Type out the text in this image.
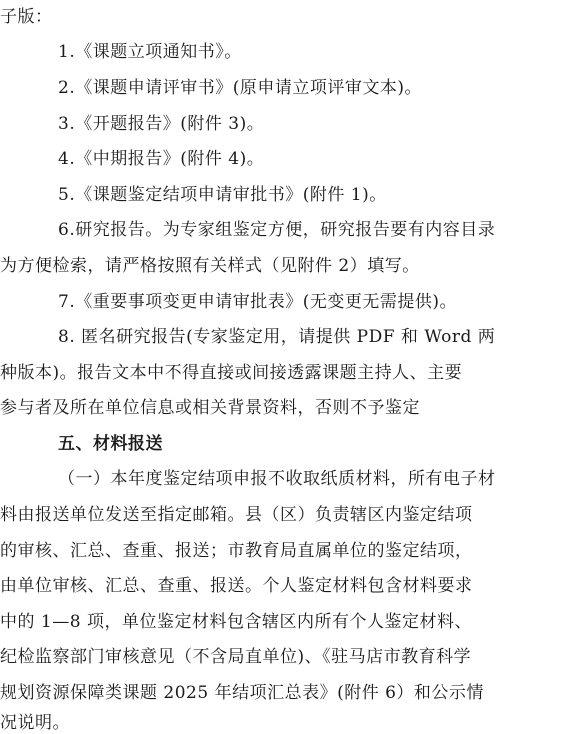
子版：
1.《课题立项通知书》。
2.《课题申请评审书》(原申请立项评审文本)。
3.《开题报告》(附件 3)。
4.《中期报告》(附件 4)。
5.《课题鉴定结项申请审批书》(附件 1)。
6.研究报告。为专家组鉴定方便，研究报告要有内容目录
为方便检索，请严格按照有关样式（见附件 2）填写。
7.《重要事项变更申请审批表》(无变更无需提供)。
8. 匿名研究报告(专家鉴定用，请提供 PDF 和 Word 两
种版本)。报告文本中不得直接或间接透露课题主持人、主要
参与者及所在单位信息或相关背景资料，否则不予鉴定
五、材料报送
（一）本年度鉴定结项申报不收取纸质材料，所有电子材
料由报送单位发送至指定邮箱。县（区）负责辖区内鉴定结项
的审核、汇总、查重、报送；市教育局直属单位的鉴定结项，
由单位审核、汇总、查重、报送。个人鉴定材料包含材料要求
中的 1—8 项，单位鉴定材料包含辖区内所有个人鉴定材料、
纪检监察部门审核意见（不含局直单位)、《驻马店市教育科学
规划资源保障类课题 2025 年结项汇总表》(附件 6）和公示情
况说明。
